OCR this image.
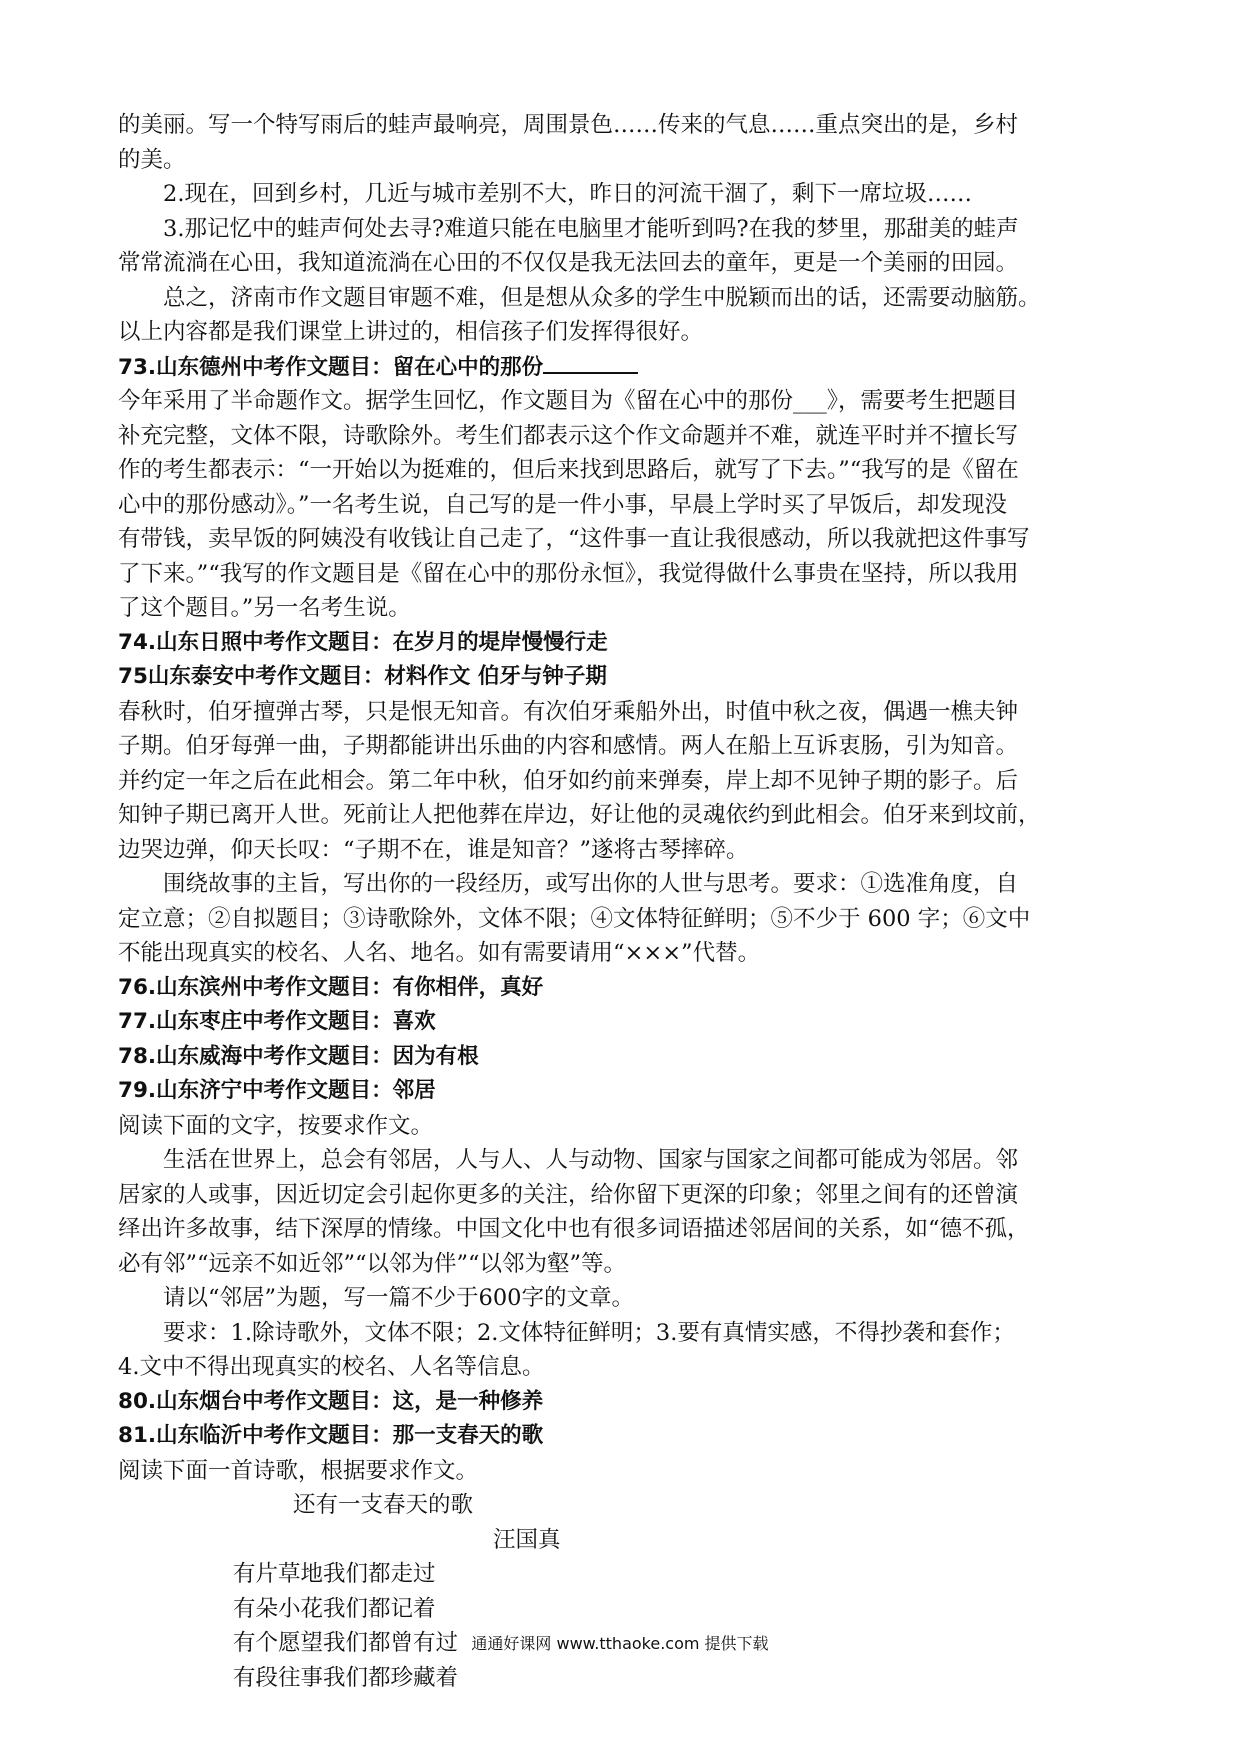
的美丽。写一个特写雨后的蛙声最响亮，周围景色……传来的气息……重点突出的是，乡村
的美。
2.现在，回到乡村，几近与城市差别不大，昨日的河流干涸了，剩下一席垃圾……
3.那记忆中的蛙声何处去寻?难道只能在电脑里才能听到吗?在我的梦里，那甜美的蛙声
常常流淌在心田，我知道流淌在心田的不仅仅是我无法回去的童年，更是一个美丽的田园。
总之，济南市作文题目审题不难，但是想从众多的学生中脱颖而出的话，还需要动脑筋。
以上内容都是我们课堂上讲过的，相信孩子们发挥得很好。
73.山东德州中考作文题目：留在心中的那份
今年采用了半命题作文。据学生回忆，作文题目为《留在心中的那份___》，需要考生把题目
补充完整，文体不限，诗歌除外。考生们都表示这个作文命题并不难，就连平时并不擅长写
作的考生都表示：“一开始以为挺难的，但后来找到思路后，就写了下去。”“我写的是《留在
心中的那份感动》。”一名考生说，自己写的是一件小事，早晨上学时买了早饭后，却发现没
有带钱，卖早饭的阿姨没有收钱让自己走了，“这件事一直让我很感动，所以我就把这件事写
了下来。”“我写的作文题目是《留在心中的那份永恒》，我觉得做什么事贵在坚持，所以我用
了这个题目。”另一名考生说。
74.山东日照中考作文题目：在岁月的堤岸慢慢行走
75山东泰安中考作文题目：材料作文 伯牙与钟子期
春秋时，伯牙擅弹古琴，只是恨无知音。有次伯牙乘船外出，时值中秋之夜，偶遇一樵夫钟
子期。伯牙每弹一曲，子期都能讲出乐曲的内容和感情。两人在船上互诉衷肠，引为知音。
并约定一年之后在此相会。第二年中秋，伯牙如约前来弹奏，岸上却不见钟子期的影子。后
知钟子期已离开人世。死前让人把他葬在岸边，好让他的灵魂依约到此相会。伯牙来到坟前，
边哭边弹，仰天长叹：“子期不在，谁是知音？”遂将古琴摔碎。
围绕故事的主旨，写出你的一段经历，或写出你的人世与思考。要求：①选准角度，自
定立意；②自拟题目；③诗歌除外，文体不限；④文体特征鲜明；⑤不少于 600 字；⑥文中
不能出现真实的校名、人名、地名。如有需要请用“×××”代替。
76.山东滨州中考作文题目：有你相伴，真好
77.山东枣庄中考作文题目：喜欢
78.山东威海中考作文题目：因为有根
79.山东济宁中考作文题目：邻居
阅读下面的文字，按要求作文。
生活在世界上，总会有邻居，人与人、人与动物、国家与国家之间都可能成为邻居。邻
居家的人或事，因近切定会引起你更多的关注，给你留下更深的印象；邻里之间有的还曾演
绎出许多故事，结下深厚的情缘。中国文化中也有很多词语描述邻居间的关系，如“德不孤，
必有邻”“远亲不如近邻”“以邻为伴”“以邻为壑”等。
请以“邻居”为题，写一篇不少于600字的文章。
要求：1.除诗歌外，文体不限；2.文体特征鲜明；3.要有真情实感，不得抄袭和套作；
4.文中不得出现真实的校名、人名等信息。
80.山东烟台中考作文题目：这，是一种修养
81.山东临沂中考作文题目：那一支春天的歌
阅读下面一首诗歌，根据要求作文。
还有一支春天的歌
汪国真
有片草地我们都走过
有朵小花我们都记着
有个愿望我们都曾有过
有段往事我们都珍藏着
通通好课网 www.tthaoke.com 提供下载
